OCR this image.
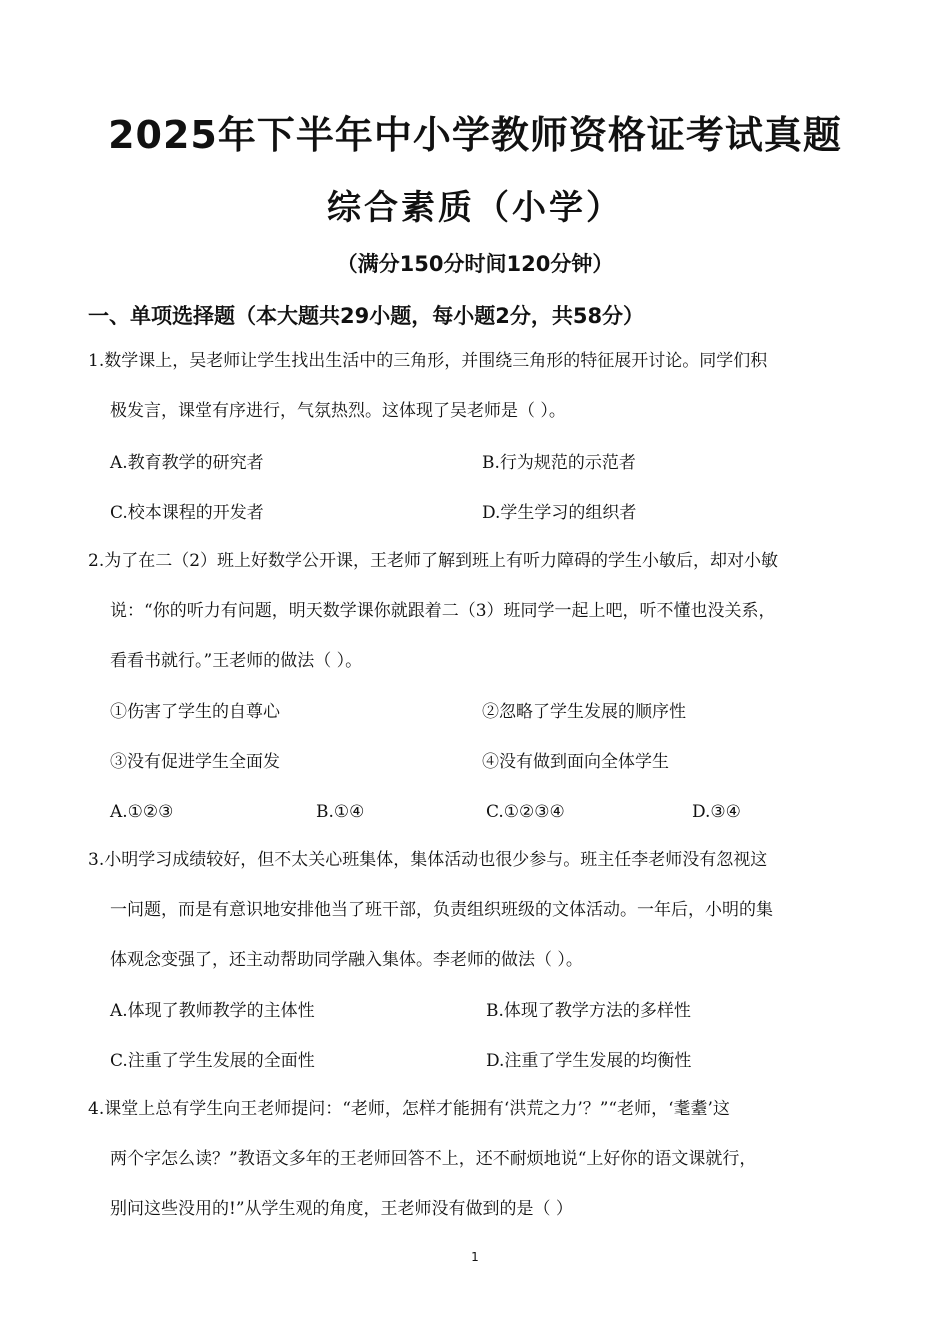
2025年下半年中小学教师资格证考试真题
综合素质（小学）
（满分150分时间120分钟）
一、单项选择题（本大题共29小题，每小题2分，共58分）
1.数学课上，吴老师让学生找出生活中的三角形，并围绕三角形的特征展开讨论。同学们积
极发言，课堂有序进行，气氛热烈。这体现了吴老师是（ ）。
A.教育教学的研究者	B.行为规范的示范者
C.校本课程的开发者	D.学生学习的组织者
2.为了在二（2）班上好数学公开课，王老师了解到班上有听力障碍的学生小敏后，却对小敏
说：“你的听力有问题，明天数学课你就跟着二（3）班同学一起上吧，听不懂也没关系，
看看书就行。”王老师的做法（ ）。
①伤害了学生的自尊心	②忽略了学生发展的顺序性
③没有促进学生全面发	④没有做到面向全体学生
A.①②③	B.①④	C.①②③④	D.③④
3.小明学习成绩较好，但不太关心班集体，集体活动也很少参与。班主任李老师没有忽视这
一问题，而是有意识地安排他当了班干部，负责组织班级的文体活动。一年后，小明的集
体观念变强了，还主动帮助同学融入集体。李老师的做法（ ）。
A.体现了教师教学的主体性	B.体现了教学方法的多样性
C.注重了学生发展的全面性	D.注重了学生发展的均衡性
4.课堂上总有学生向王老师提问：“老师，怎样才能拥有‘洪荒之力’？”“老师，‘耄耋’这
两个字怎么读？”教语文多年的王老师回答不上，还不耐烦地说“上好你的语文课就行，
别问这些没用的!”从学生观的角度，王老师没有做到的是（ ）
1
